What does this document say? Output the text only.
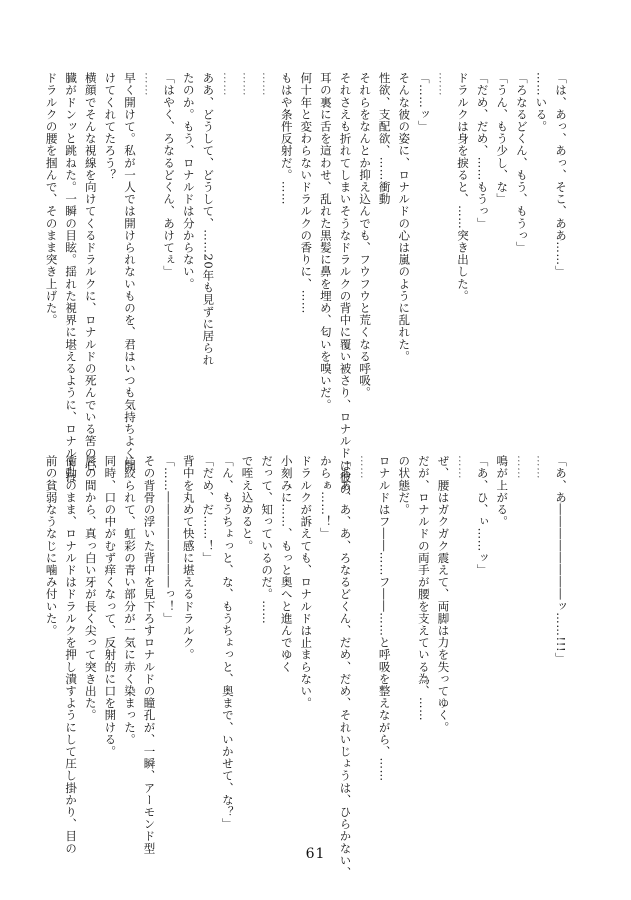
「は、あっ、あっ、そこ、ああ……」

……いる。

「ろなるどくん、もう、もうっ」

「うん、もう少し、な」

「だめ、だめ、……もうっ」

ドラルクは身を捩ると、……突き出した。

……

「……ッ」

そんな彼の姿に、ロナルドの心は嵐のように乱れた。

性欲、支配欲、……衝動

それらをなんとか抑え込んでも、フウフウと荒くなる呼吸。

それさえも折れてしまいそうなドラルクの背中に覆い被さり、ロナルドは彼の

耳の裏に舌を這わせ、乱れた黒髪に鼻を埋め、匂いを嗅いだ。

何十年と変わらないドラルクの香りに、……

もはや条件反射だ。……

……

……

……

ああ、どうして、どうして、……20年も見ずに居られ

たのか。もう、ロナルドは分からない。

「はやく、ろなるどくん、あけてぇ」

……

早く開けて。私が一人では開けられないものを、君はいつも気持ちよく開

けてくれてたろう？

横顔でそんな視線を向けてくるドラルクに、ロナルドの死んでいる筈の心

臓がドンッと跳ねた。一瞬の目眩。揺れた視界に堪えるように、ロナルドは

ドラルクの腰を掴んで、そのまま突き上げた。

「あ、あ――――――――ッ……!!!」

……

……

鳴が上がる。

「あ、ひ、ぃ……ッ」

……

ぜ、腰はガクガク震えて、両脚は力を失ってゆく。

だが、ロナルドの両手が腰を支えている為、……

の状態だ。

ロナルドはフ――……フ――……と呼吸を整えながら、……

……

「ああ、あ、あ、ろなるどくん、だめ、だめ、それいじょうは、ひらかない、

からぁ……！」

ドラルクが訴えても、ロナルドは止まらない。

小刻みに……、もっと奥へと進んでゆく

だって、知っているのだ。……

で咥え込めると。

「ん、もうちょっと、な、もうちょっと、奥まで、いかせて、な？」

「だめ、だ……！」

背中を丸めて快感に堪えるドラルク。

「……――――――――っ！」

その背骨の浮いた背中を見下ろすロナルドの瞳孔が、一瞬、アーモンド型

に絞られて、虹彩の青い部分が一気に赤く染まった。

同時、口の中がむず痒くなって、反射的に口を開ける。

唇の間から、真っ白い牙が長く尖って突き出た。

衝動のまま、ロナルドはドラルクを押し潰すようにして圧し掛かり、目の

前の貧弱なうなじに噛み付いた。

61
